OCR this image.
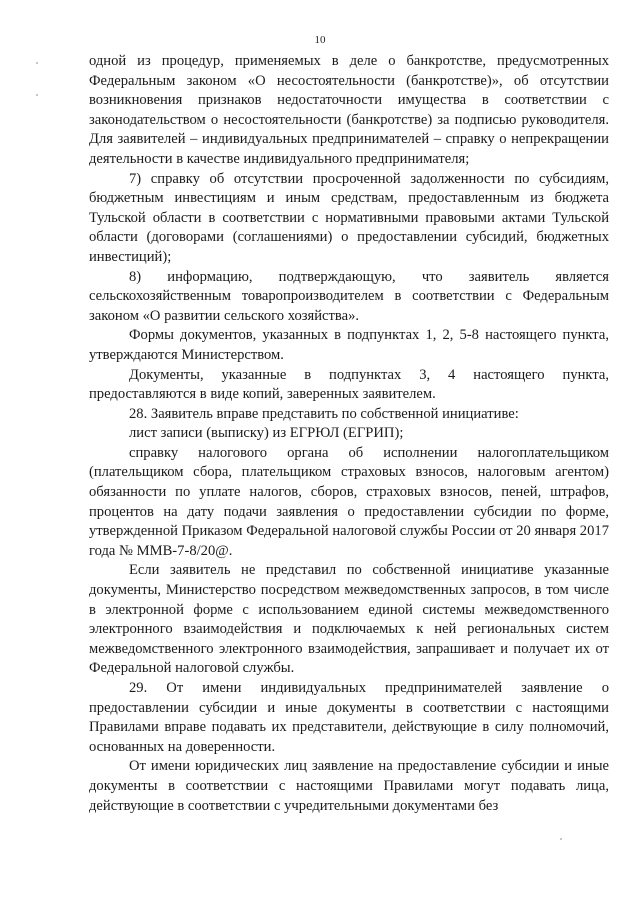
10

одной из процедур, применяемых в деле о банкротстве, предусмотренных Федеральным законом «О несостоятельности (банкротстве)», об отсутствии возникновения признаков недостаточности имущества в соответствии с законодательством о несостоятельности (банкротстве) за подписью руководителя. Для заявителей – индивидуальных предпринимателей – справку о непрекращении деятельности в качестве индивидуального предпринимателя;

7) справку об отсутствии просроченной задолженности по субсидиям, бюджетным инвестициям и иным средствам, предоставленным из бюджета Тульской области в соответствии с нормативными правовыми актами Тульской области (договорами (соглашениями) о предоставлении субсидий, бюджетных инвестиций);

8) информацию, подтверждающую, что заявитель является сельскохозяйственным товаропроизводителем в соответствии с Федеральным законом «О развитии сельского хозяйства».

Формы документов, указанных в подпунктах 1, 2, 5-8 настоящего пункта, утверждаются Министерством.

Документы, указанные в подпунктах 3, 4 настоящего пункта, предоставляются в виде копий, заверенных заявителем.

28. Заявитель вправе представить по собственной инициативе:

лист записи (выписку) из ЕГРЮЛ (ЕГРИП);

справку налогового органа об исполнении налогоплательщиком (плательщиком сбора, плательщиком страховых взносов, налоговым агентом) обязанности по уплате налогов, сборов, страховых взносов, пеней, штрафов, процентов на дату подачи заявления о предоставлении субсидии по форме, утвержденной Приказом Федеральной налоговой службы России от 20 января 2017 года № ММВ-7-8/20@.

Если заявитель не представил по собственной инициативе указанные документы, Министерство посредством межведомственных запросов, в том числе в электронной форме с использованием единой системы межведомственного электронного взаимодействия и подключаемых к ней региональных систем межведомственного электронного взаимодействия, запрашивает и получает их от Федеральной налоговой службы.

29. От имени индивидуальных предпринимателей заявление о предоставлении субсидии и иные документы в соответствии с настоящими Правилами вправе подавать их представители, действующие в силу полномочий, основанных на доверенности.

От имени юридических лиц заявление на предоставление субсидии и иные документы в соответствии с настоящими Правилами могут подавать лица, действующие в соответствии с учредительными документами без
